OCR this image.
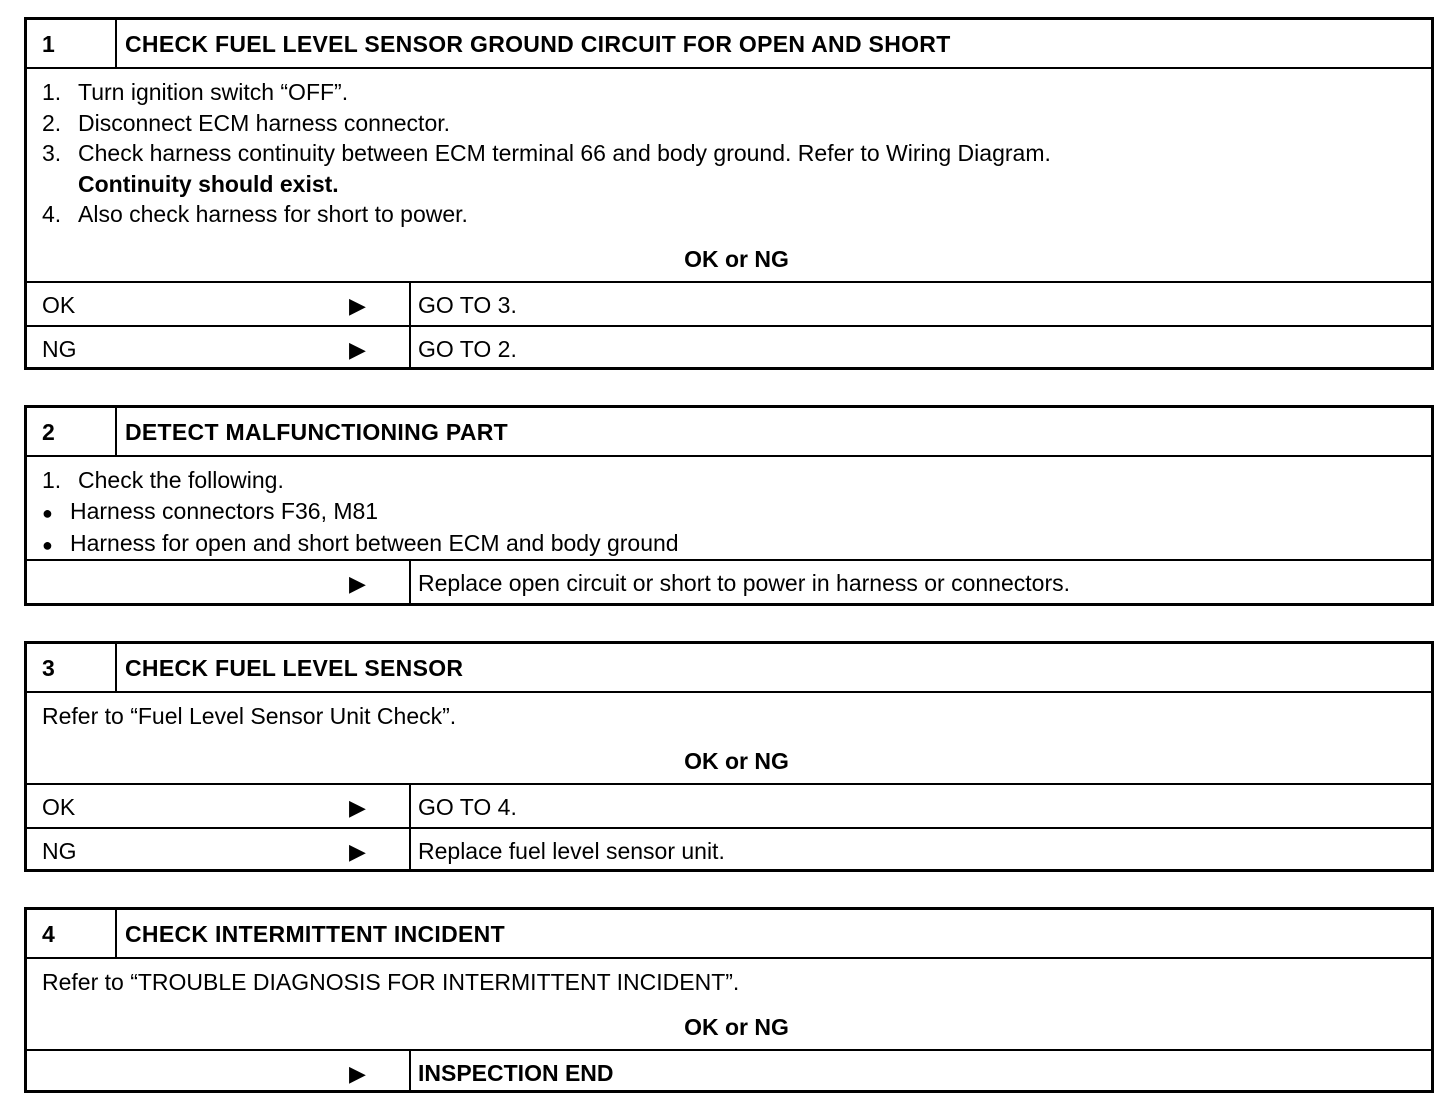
1	CHECK FUEL LEVEL SENSOR GROUND CIRCUIT FOR OPEN AND SHORT
1. Turn ignition switch “OFF”.
2. Disconnect ECM harness connector.
3. Check harness continuity between ECM terminal 66 and body ground. Refer to Wiring Diagram.
Continuity should exist.
4. Also check harness for short to power.
OK or NG
OK	▶	GO TO 3.
NG	▶	GO TO 2.
2	DETECT MALFUNCTIONING PART
1. Check the following.
● Harness connectors F36, M81
● Harness for open and short between ECM and body ground
▶	Replace open circuit or short to power in harness or connectors.
3	CHECK FUEL LEVEL SENSOR
Refer to “Fuel Level Sensor Unit Check”.
OK or NG
OK	▶	GO TO 4.
NG	▶	Replace fuel level sensor unit.
4	CHECK INTERMITTENT INCIDENT
Refer to “TROUBLE DIAGNOSIS FOR INTERMITTENT INCIDENT”.
OK or NG
▶	INSPECTION END
